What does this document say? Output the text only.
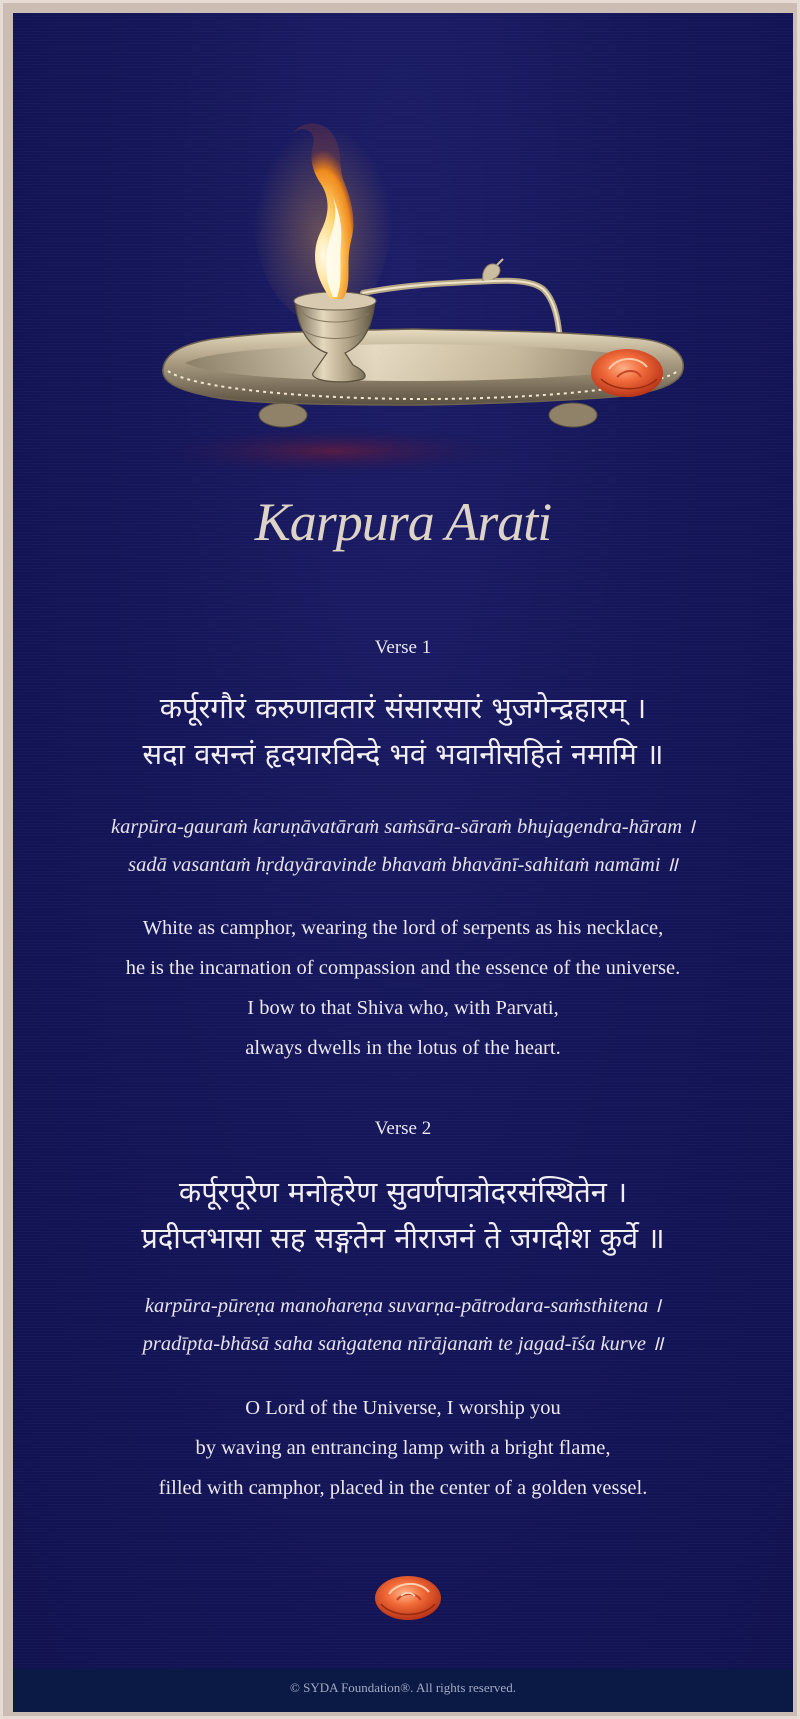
Karpura Arati
Verse 1
कर्पूरगौरं करुणावतारं संसारसारं भुजगेन्द्रहारम् ।
सदा वसन्तं हृदयारविन्दे भवं भवानीसहितं नमामि ॥
karpūra-gauraṁ karuṇāvatāraṁ saṁsāra-sāraṁ bhujagendra-hāram ।
sadā vasantaṁ hṛdayāravinde bhavaṁ bhavānī-sahitaṁ namāmi ॥
White as camphor, wearing the lord of serpents as his necklace,
he is the incarnation of compassion and the essence of the universe.
I bow to that Shiva who, with Parvati,
always dwells in the lotus of the heart.
Verse 2
कर्पूरपूरेण मनोहरेण सुवर्णपात्रोदरसंस्थितेन ।
प्रदीप्तभासा सह सङ्गतेन नीराजनं ते जगदीश कुर्वे ॥
karpūra-pūreṇa manohareṇa suvarṇa-pātrodara-saṁsthitena ।
pradīpta-bhāsā saha saṅgatena nīrājanaṁ te jagad-īśa kurve ॥
O Lord of the Universe, I worship you
by waving an entrancing lamp with a bright flame,
filled with camphor, placed in the center of a golden vessel.
© SYDA Foundation®. All rights reserved.
